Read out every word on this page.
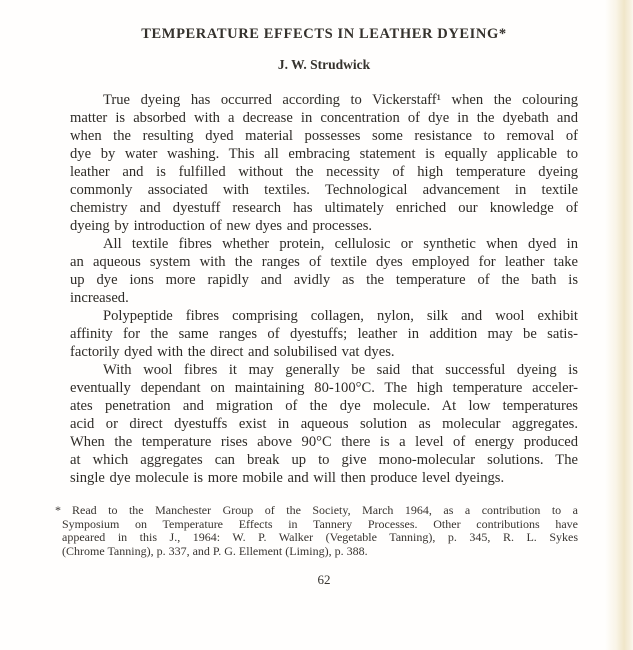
TEMPERATURE EFFECTS IN LEATHER DYEING*
J. W. Strudwick
True dyeing has occurred according to Vickerstaff¹ when the colouring
matter is absorbed with a decrease in concentration of dye in the dyebath and
when the resulting dyed material possesses some resistance to removal of
dye by water washing. This all embracing statement is equally applicable to
leather and is fulfilled without the necessity of high temperature dyeing
commonly associated with textiles. Technological advancement in textile
chemistry and dyestuff research has ultimately enriched our knowledge of
dyeing by introduction of new dyes and processes.
All textile fibres whether protein, cellulosic or synthetic when dyed in
an aqueous system with the ranges of textile dyes employed for leather take
up dye ions more rapidly and avidly as the temperature of the bath is
increased.
Polypeptide fibres comprising collagen, nylon, silk and wool exhibit
affinity for the same ranges of dyestuffs; leather in addition may be satis-
factorily dyed with the direct and solubilised vat dyes.
With wool fibres it may generally be said that successful dyeing is
eventually dependant on maintaining 80-100°C. The high temperature acceler-
ates penetration and migration of the dye molecule. At low temperatures
acid or direct dyestuffs exist in aqueous solution as molecular aggregates.
When the temperature rises above 90°C there is a level of energy produced
at which aggregates can break up to give mono-molecular solutions. The
single dye molecule is more mobile and will then produce level dyeings.
* Read to the Manchester Group of the Society, March 1964, as a contribution to a
Symposium on Temperature Effects in Tannery Processes. Other contributions have
appeared in this J., 1964: W. P. Walker (Vegetable Tanning), p. 345, R. L. Sykes
(Chrome Tanning), p. 337, and P. G. Ellement (Liming), p. 388.
62
